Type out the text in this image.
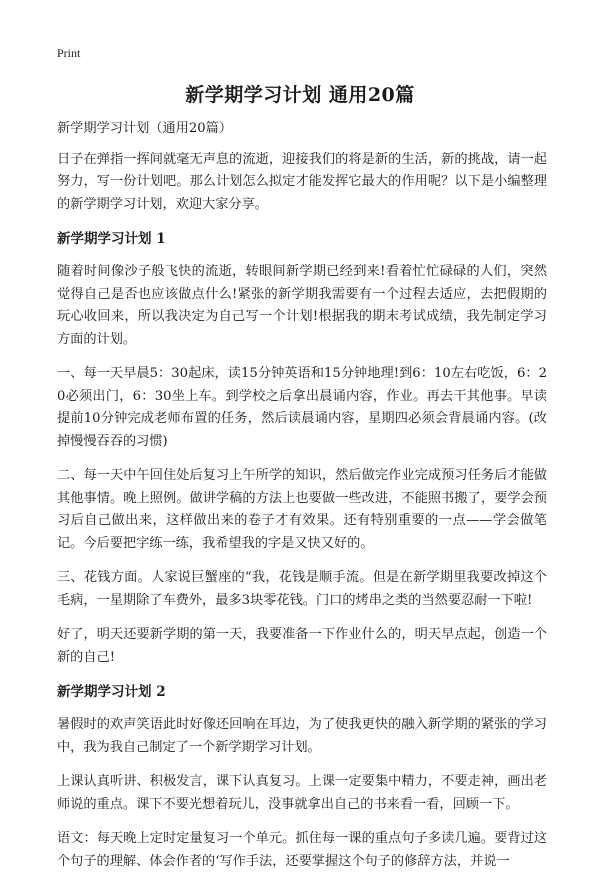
Print
新学期学习计划 通用20篇

新学期学习计划（通用20篇）

日子在弹指一挥间就毫无声息的流逝，迎接我们的将是新的生活，新的挑战，请一起努力，写一份计划吧。那么计划怎么拟定才能发挥它最大的作用呢？以下是小编整理的新学期学习计划，欢迎大家分享。

新学期学习计划 1

随着时间像沙子般飞快的流逝，转眼间新学期已经到来!看着忙忙碌碌的人们，突然觉得自己是否也应该做点什么!紧张的新学期我需要有一个过程去适应，去把假期的玩心收回来，所以我决定为自己写一个计划!根据我的期末考试成绩，我先制定学习方面的计划。

一、每一天早晨5：30起床，读15分钟英语和15分钟地理!到6：10左右吃饭，6：20必须出门，6：30坐上车。到学校之后拿出晨诵内容，作业。再去干其他事。早读提前10分钟完成老师布置的任务，然后读晨诵内容，星期四必须会背晨诵内容。(改掉慢慢吞吞的习惯)

二、每一天中午回住处后复习上午所学的知识，然后做完作业完成预习任务后才能做其他事情。晚上照例。做讲学稿的方法上也要做一些改进，不能照书搬了，要学会预习后自己做出来，这样做出来的卷子才有效果。还有特别重要的一点——学会做笔记。今后要把字练一练，我希望我的字是又快又好的。

三、花钱方面。人家说巨蟹座的“我，花钱是顺手流。但是在新学期里我要改掉这个毛病，一星期除了车费外，最多3块零花钱。门口的烤串之类的当然要忍耐一下啦!

好了，明天还要新学期的第一天，我要准备一下作业什么的，明天早点起，创造一个新的自己!

新学期学习计划 2

暑假时的欢声笑语此时好像还回响在耳边，为了使我更快的融入新学期的紧张的学习中，我为我自己制定了一个新学期学习计划。

上课认真听讲、积极发言，课下认真复习。上课一定要集中精力，不要走神，画出老师说的重点。课下不要光想着玩儿，没事就拿出自己的书来看一看，回顾一下。

语文：每天晚上定时定量复习一个单元。抓住每一课的重点句子多读几遍。要背过这个句子的理解、体会作者的‘写作手法，还要掌握这个句子的修辞方法，并说一
